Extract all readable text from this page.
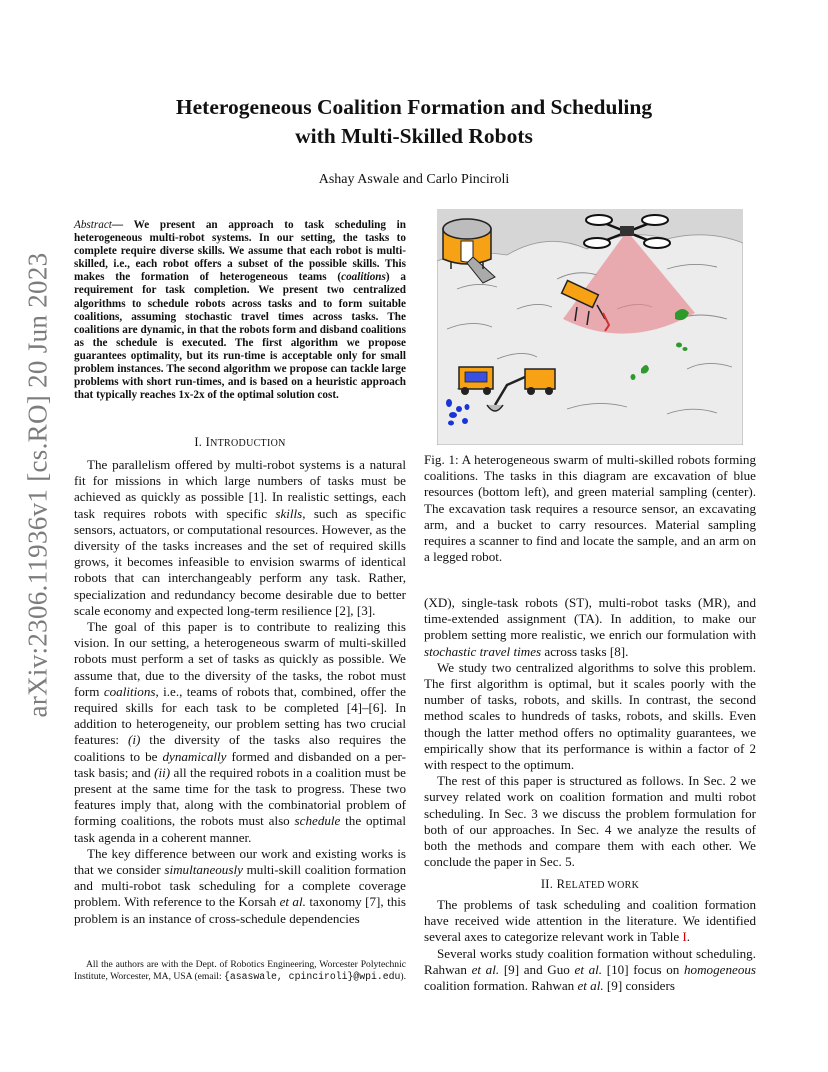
arXiv:2306.11936v1 [cs.RO] 20 Jun 2023
Heterogeneous Coalition Formation and Scheduling
with Multi-Skilled Robots
Ashay Aswale and Carlo Pinciroli

Abstract— We present an approach to task scheduling in heterogeneous multi-robot systems. In our setting, the tasks to complete require diverse skills. We assume that each robot is multi-skilled, i.e., each robot offers a subset of the possible skills. This makes the formation of heterogeneous teams (coalitions) a requirement for task completion. We present two centralized algorithms to schedule robots across tasks and to form suitable coalitions, assuming stochastic travel times across tasks. The coalitions are dynamic, in that the robots form and disband coalitions as the schedule is executed. The first algorithm we propose guarantees optimality, but its run-time is acceptable only for small problem instances. The second algorithm we propose can tackle large problems with short run-times, and is based on a heuristic approach that typically reaches 1x-2x of the optimal solution cost.

I. INTRODUCTION

The parallelism offered by multi-robot systems is a natural fit for missions in which large numbers of tasks must be achieved as quickly as possible [1]. In realistic settings, each task requires robots with specific skills, such as specific sensors, actuators, or computational resources. However, as the diversity of the tasks increases and the set of required skills grows, it becomes infeasible to envision swarms of identical robots that can interchangeably perform any task. Rather, specialization and redundancy become desirable due to better scale economy and expected long-term resilience [2], [3].

The goal of this paper is to contribute to realizing this vision. In our setting, a heterogeneous swarm of multi-skilled robots must perform a set of tasks as quickly as possible. We assume that, due to the diversity of the tasks, the robot must form coalitions, i.e., teams of robots that, combined, offer the required skills for each task to be completed [4]–[6]. In addition to heterogeneity, our problem setting has two crucial features: (i) the diversity of the tasks also requires the coalitions to be dynamically formed and disbanded on a per-task basis; and (ii) all the required robots in a coalition must be present at the same time for the task to progress. These two features imply that, along with the combinatorial problem of forming coalitions, the robots must also schedule the optimal task agenda in a coherent manner.

The key difference between our work and existing works is that we consider simultaneously multi-skill coalition formation and multi-robot task scheduling for a complete coverage problem. With reference to the Korsah et al. taxonomy [7], this problem is an instance of cross-schedule dependencies

All the authors are with the Dept. of Robotics Engineering, Worcester Polytechnic Institute, Worcester, MA, USA (email: {asaswale, cpinciroli}@wpi.edu).

Fig. 1: A heterogeneous swarm of multi-skilled robots forming coalitions. The tasks in this diagram are excavation of blue resources (bottom left), and green material sampling (center). The excavation task requires a resource sensor, an excavating arm, and a bucket to carry resources. Material sampling requires a scanner to find and locate the sample, and an arm on a legged robot.

(XD), single-task robots (ST), multi-robot tasks (MR), and time-extended assignment (TA). In addition, to make our problem setting more realistic, we enrich our formulation with stochastic travel times across tasks [8].

We study two centralized algorithms to solve this problem. The first algorithm is optimal, but it scales poorly with the number of tasks, robots, and skills. In contrast, the second method scales to hundreds of tasks, robots, and skills. Even though the latter method offers no optimality guarantees, we empirically show that its performance is within a factor of 2 with respect to the optimum.

The rest of this paper is structured as follows. In Sec. 2 we survey related work on coalition formation and multi robot scheduling. In Sec. 3 we discuss the problem formulation for both of our approaches. In Sec. 4 we analyze the results of both the methods and compare them with each other. We conclude the paper in Sec. 5.

II. RELATED WORK

The problems of task scheduling and coalition formation have received wide attention in the literature. We identified several axes to categorize relevant work in Table I.

Several works study coalition formation without scheduling. Rahwan et al. [9] and Guo et al. [10] focus on homogeneous coalition formation. Rahwan et al. [9] considers
